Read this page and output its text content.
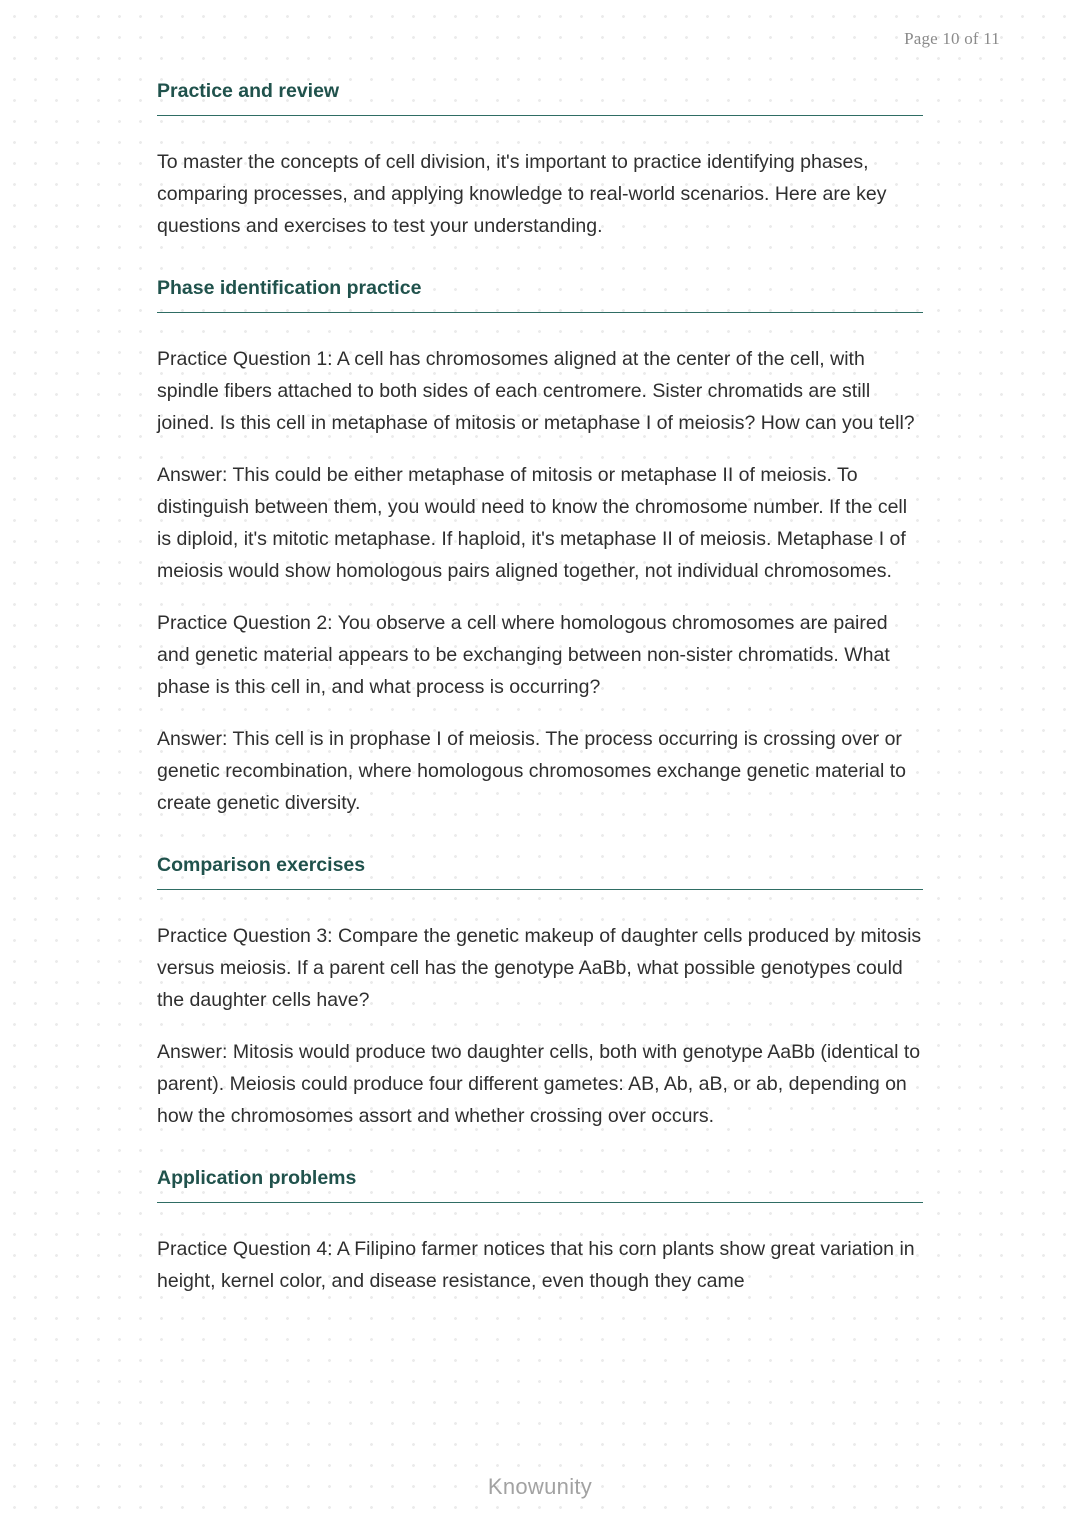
Page 10 of 11
Practice and review

To master the concepts of cell division, it's important to practice identifying phases, comparing processes, and applying knowledge to real-world scenarios. Here are key questions and exercises to test your understanding.

Phase identification practice

Practice Question 1: A cell has chromosomes aligned at the center of the cell, with spindle fibers attached to both sides of each centromere. Sister chromatids are still joined. Is this cell in metaphase of mitosis or metaphase I of meiosis? How can you tell?

Answer: This could be either metaphase of mitosis or metaphase II of meiosis. To distinguish between them, you would need to know the chromosome number. If the cell is diploid, it's mitotic metaphase. If haploid, it's metaphase II of meiosis. Metaphase I of meiosis would show homologous pairs aligned together, not individual chromosomes.

Practice Question 2: You observe a cell where homologous chromosomes are paired and genetic material appears to be exchanging between non-sister chromatids. What phase is this cell in, and what process is occurring?

Answer: This cell is in prophase I of meiosis. The process occurring is crossing over or genetic recombination, where homologous chromosomes exchange genetic material to create genetic diversity.

Comparison exercises

Practice Question 3: Compare the genetic makeup of daughter cells produced by mitosis versus meiosis. If a parent cell has the genotype AaBb, what possible genotypes could the daughter cells have?

Answer: Mitosis would produce two daughter cells, both with genotype AaBb (identical to parent). Meiosis could produce four different gametes: AB, Ab, aB, or ab, depending on how the chromosomes assort and whether crossing over occurs.

Application problems

Practice Question 4: A Filipino farmer notices that his corn plants show great variation in height, kernel color, and disease resistance, even though they came

Knowunity
